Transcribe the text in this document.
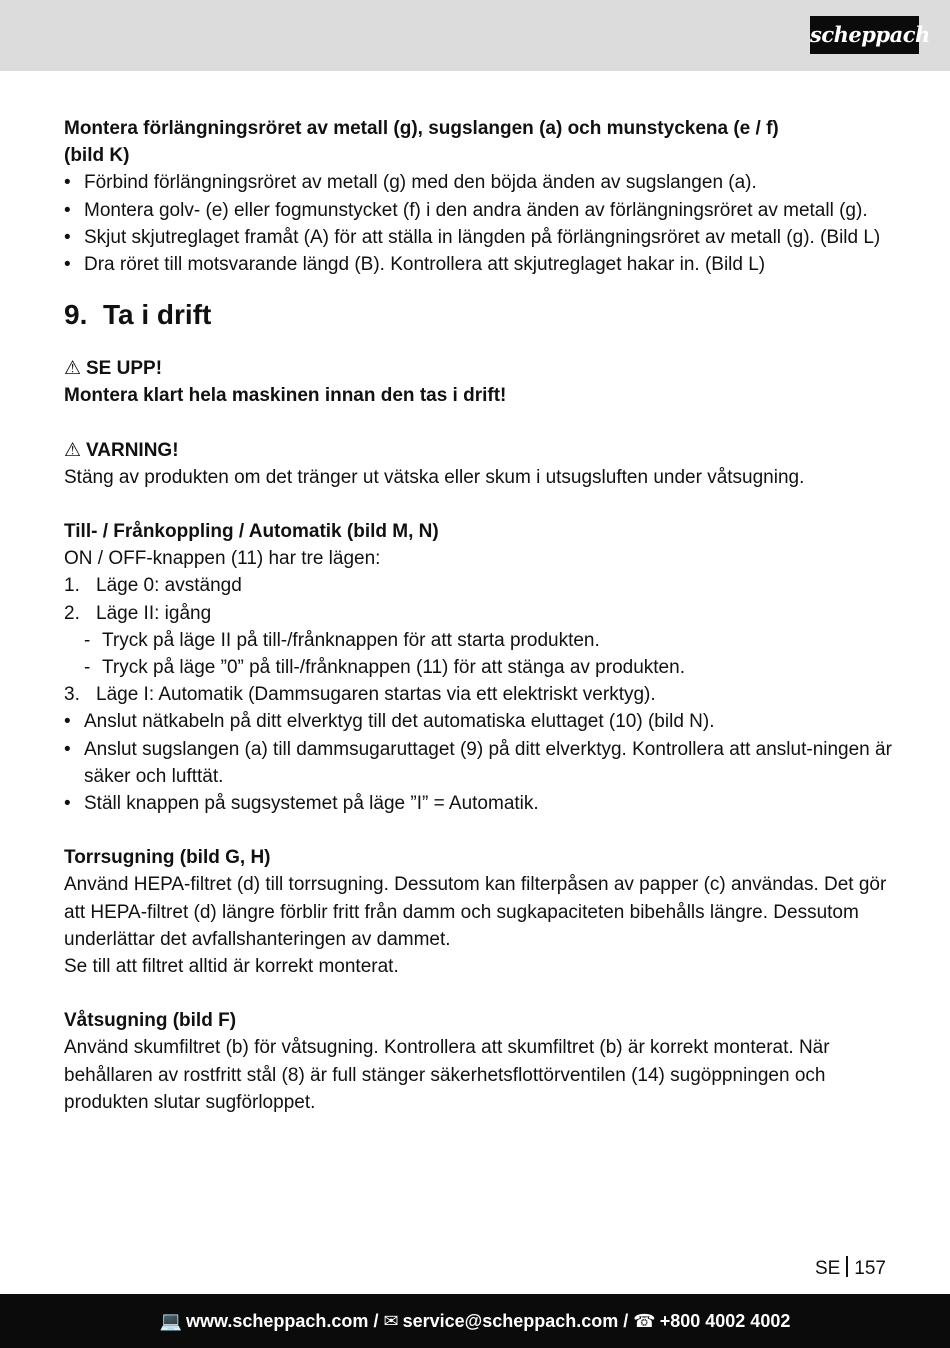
scheppach

Montera förlängningsröret av metall (g), sugslangen (a) och munstyckena (e / f)
(bild K)

• Förbind förlängningsröret av metall (g) med den böjda änden av sugslangen (a).

• Montera golv- (e) eller fogmunstycket (f) i den andra änden av förlängningsröret av metall (g).

• Skjut skjutreglaget framåt (A) för att ställa in längden på förlängningsröret av metall (g). (Bild L)

• Dra röret till motsvarande längd (B). Kontrollera att skjutreglaget hakar in. (Bild L)

9. Ta i drift

⚠ SE UPP!

Montera klart hela maskinen innan den tas i drift!

⚠ VARNING!

Stäng av produkten om det tränger ut vätska eller skum i utsugsluften under våtsugning.

Till- / Frånkoppling / Automatik (bild M, N)

ON / OFF-knappen (11) har tre lägen:

1. Läge 0: avstängd

2. Läge II: igång

- Tryck på läge II på till-/frånknappen för att starta produkten.

- Tryck på läge ”0” på till-/frånknappen (11) för att stänga av produkten.

3. Läge I: Automatik (Dammsugaren startas via ett elektriskt verktyg).

• Anslut nätkabeln på ditt elverktyg till det automatiska eluttaget (10) (bild N).

• Anslut sugslangen (a) till dammsugaruttaget (9) på ditt elverktyg. Kontrollera att anslut-ningen är säker och lufttät.

• Ställ knappen på sugsystemet på läge ”I” = Automatik.

Torrsugning (bild G, H)

Använd HEPA-filtret (d) till torrsugning. Dessutom kan filterpåsen av papper (c) användas. Det gör att HEPA-filtret (d) längre förblir fritt från damm och sugkapaciteten bibehålls längre. Dessutom underlättar det avfallshanteringen av dammet.

Se till att filtret alltid är korrekt monterat.

Våtsugning (bild F)

Använd skumfiltret (b) för våtsugning. Kontrollera att skumfiltret (b) är korrekt monterat. När behållaren av rostfritt stål (8) är full stänger säkerhetsflottörventilen (14) sugöppningen och produkten slutar sugförloppet.

SE 157
💻 www.scheppach.com / ✉ service@scheppach.com / ☎ +800 4002 4002
